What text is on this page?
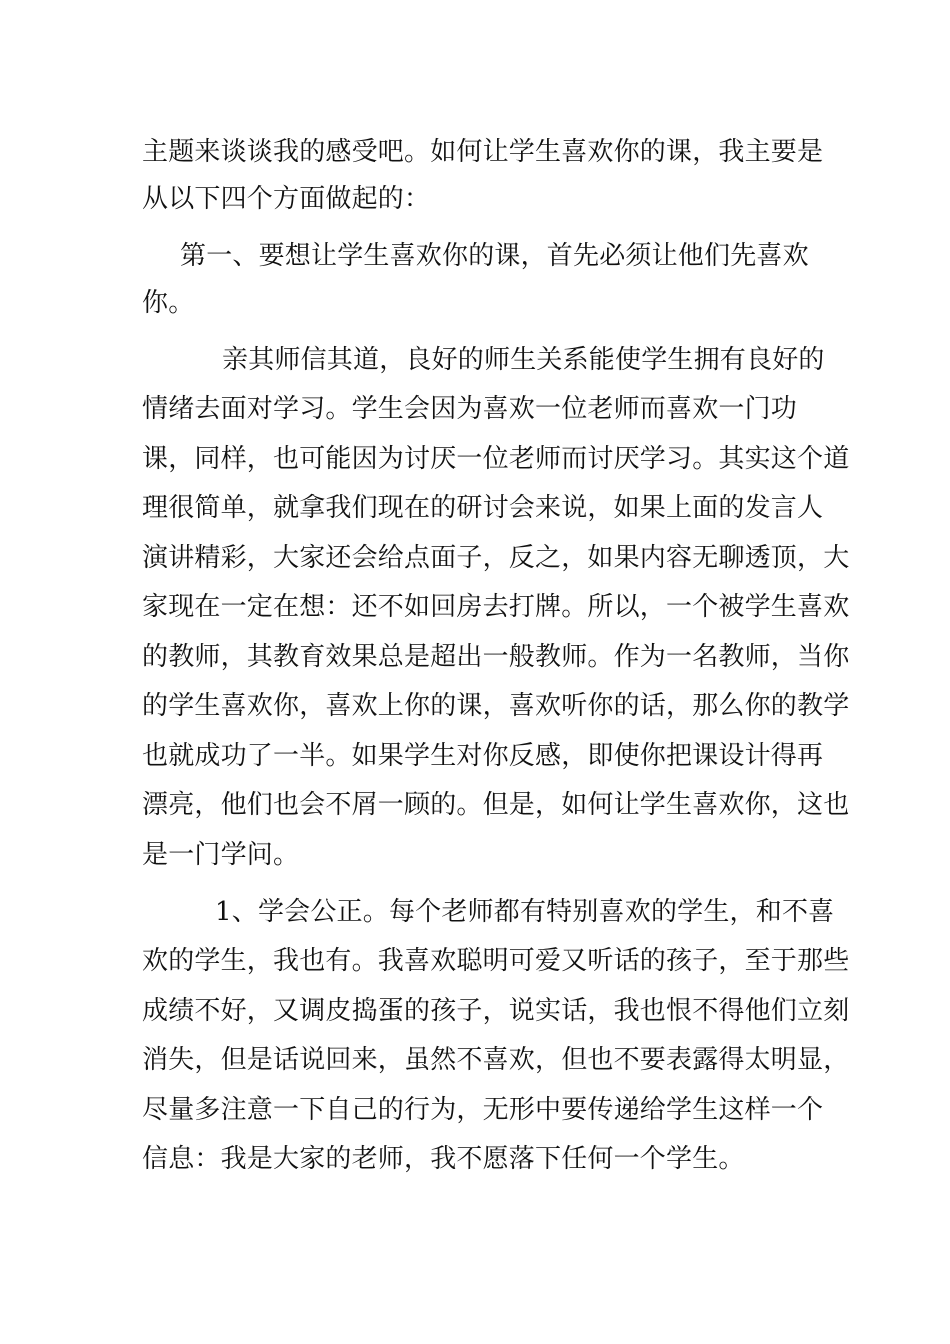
主题来谈谈我的感受吧。如何让学生喜欢你的课，我主要是
从以下四个方面做起的：
第一、要想让学生喜欢你的课，首先必须让他们先喜欢
你。
亲其师信其道，良好的师生关系能使学生拥有良好的
情绪去面对学习。学生会因为喜欢一位老师而喜欢一门功
课，同样，也可能因为讨厌一位老师而讨厌学习。其实这个道
理很简单，就拿我们现在的研讨会来说，如果上面的发言人
演讲精彩，大家还会给点面子，反之，如果内容无聊透顶，大
家现在一定在想：还不如回房去打牌。所以，一个被学生喜欢
的教师，其教育效果总是超出一般教师。作为一名教师，当你
的学生喜欢你，喜欢上你的课，喜欢听你的话，那么你的教学
也就成功了一半。如果学生对你反感，即使你把课设计得再
漂亮，他们也会不屑一顾的。但是，如何让学生喜欢你，这也
是一门学问。
1、学会公正。每个老师都有特别喜欢的学生，和不喜
欢的学生，我也有。我喜欢聪明可爱又听话的孩子，至于那些
成绩不好，又调皮捣蛋的孩子，说实话，我也恨不得他们立刻
消失，但是话说回来，虽然不喜欢，但也不要表露得太明显，
尽量多注意一下自己的行为，无形中要传递给学生这样一个
信息：我是大家的老师，我不愿落下任何一个学生。
